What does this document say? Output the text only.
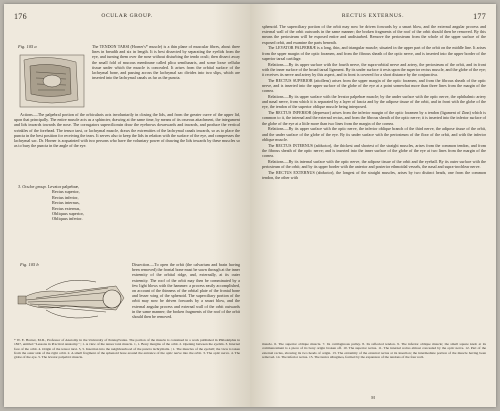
176	OCULAR GROUP.

Fig. 105 a	The TENDON TARSI (Horner's* muscle) is a thin plane of muscular fibres, about three lines in breadth and six in length. It is best dissected by separating the eyelids from the eye, and turning them over the nose without disturbing the tendo oculi; then dissect away the small fold of mucous membrane called plica semilunaris, and some loose cellular tissue under which the muscle is concealed. It arises from the orbital surface of the lachrymal bone, and passing across the lachrymal sac divides into two slips, which are inserted into the lachrymal canals as far as the puncta.
Actions.—The palpebral portion of the orbicularis acts involuntarily in closing the lids, and from the greater curve of the upper lid, upon that principally. The entire muscle acts as a sphincter, drawing at the same time, by means of its osseous attachment, the integument and lids inwards towards the nose. The corrugators supercilioruin draw the eyebrows downwards and inwards, and produce the vertical wrinkles of the forehead. The tensor tarsi, or lachrymal muscle, draws the extremities of the lachrymal canals inwards, so as to place the puncta in the best position for receiving the tears. It serves also to keep the lids in relation with the surface of the eye, and compresses the lachrymal sac. Dr. Horner is acquainted with two persons who have the voluntary power of drawing the lids inwards by these muscles so as to bury the puncta in the angle of the eye.
3. Ocular group. Levator palpebræ,
Rectus superior,
Rectus inferior,
Rectus internus,
Rectus externus,
Obliquus superior,
Obliquus inferior.
Fig. 105 b	Dissection.—To open the orbit (the calvarium and brain having been removed) the frontal bone must be sawn through at the inner extremity of the orbital ridge, and, externally, at its outer extremity. The roof of the orbit may then be comminuted by a few light blows with the hammer: a process easily accomplished, on account of the thinness of the orbital plate of the frontal bone and lesser wing of the sphenoid. The superciliary portion of the orbit may now be driven forwards by a smart blow, and the external angular process and external wall of the orbit outwards in the same manner; the broken fragments of the roof of the orbit should then be removed.
* W. E. Horner, M.D., Professor of Anatomy in the University of Pennsylvania. The portion of the muscle is contained in a work published in Philadelphia in 1827, entitled "Lessons in Practical Anatomy." | 1. A view of the tensor tarsi muscle. 1, 1. Bony margins of the orbit. 2. Opening between the eyelids. 3. Internal face of the orbit. 4. Origin of the tensor tarsi. 5, 5. Insertion into the neighbourhood of the puncta lachrymalis. | 1. The muscles of the eyeball; the view is taken from the outer side of the right orbit. 2. A small fragment of the sphenoid bone around the entrance of the optic nerve into the orbit. 3. The optic nerve. 4. The globe of the eye. 5. The levator palpebræ muscle.
RECTUS EXTERNUS.	177

sphenoid. The superciliary portion of the orbit may now be driven forwards by a smart blow, and the external angular process and external wall of the orbit outwards in the same manner; the broken fragments of the roof of the orbit should then be removed. By this means the periosteum will be exposed entire and undisturbed. Remove the periosteum from the whole of the upper surface of the exposed orbit, and examine the parts beneath.

The LEVATOR PALPEBRÆ is a long, thin, and triangular muscle; situated in the upper part of the orbit on the middle line. It arises from the upper margin of the optic foramen, and from the fibrous sheath of the optic nerve, and is inserted into the upper border of the superior tarsal cartilage.

Relations.—By its upper surface with the fourth nerve, the supra-orbital nerve and artery, the periosteum of the orbit, and in front with the inner surface of the broad tarsal ligament. By its under surface it rests upon the superior rectus muscle, and the globe of the eye; it receives its nerve and artery by this aspect, and in front is covered for a short distance by the conjunctiva.

The RECTUS SUPERIOR (attollens) arises from the upper margin of the optic foramen, and from the fibrous sheath of the optic nerve, and is inserted into the upper surface of the globe of the eye at a point somewhat more than three lines from the margin of the cornea.

Relations.—By its upper surface with the levator palpebræ muscle; by the under surface with the optic nerve, the ophthalmic artery and nasal nerve, from which it is separated by a layer of fascia and by the adipose tissue of the orbit, and in front with the globe of the eye, the tendon of the superior oblique muscle being interposed.

The RECTUS INFERIOR (depressor) arises from the inferior margin of the optic foramen by a tendon (ligament of Zinn) which is common to it, the internal and the external rectus, and from the fibrous sheath of the optic nerve; it is inserted into the inferior surface of the globe of the eye at a little more than two lines from the margin of the cornea.

Relations.—By its upper surface with the optic nerve, the inferior oblique branch of the third nerve, the adipose tissue of the orbit, and the under surface of the globe of the eye. By its under surface with the periosteum of the floor of the orbit, and with the inferior oblique muscle.

The RECTUS INTERNUS (adductor), the thickest and shortest of the straight muscles, arises from the common tendon, and from the fibrous sheath of the optic nerve; and is inserted into the inner surface of the globe of the eye at two lines from the margin of the cornea.

Relations.—By its internal surface with the optic nerve, the adipose tissue of the orbit and the eyeball. By its outer surface with the periosteum of the orbit; and by its upper border with the anterior and posterior ethmoidal vessels, the nasal and supra-trochlear nerve.

The RECTUS EXTERNUS (abductor), the longest of the straight muscles, arises by two distinct heads, one from the common tendon, the other with

muscle. 6. The superior oblique muscle. 7. Its cartilaginous pulley. 8. Its reflected tendon. 9. The inferior oblique muscle; the small square knob at its commencement is a piece of its bony origin broken off. 10. The superior rectus. 11. The internal rectus almost concealed by the optic nerve. 12. Part of the external rectus, showing its two heads of origin. 13. The extremity of the external rectus at its insertion; the intermediate portion of the muscle having been removed. 14. The inferior rectus. 15. The tunica albuginea, formed by the expansion of the tendons of the four recti.
M
